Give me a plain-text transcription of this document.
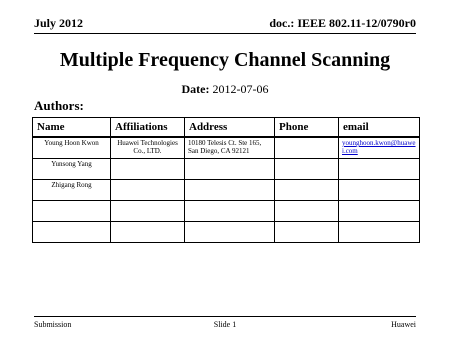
July 2012	doc.: IEEE 802.11-12/0790r0
Multiple Frequency Channel Scanning
Date: 2012-07-06
Authors:
Name	Affiliations	Address	Phone	email
Young Hoon Kwon	Huawei Technologies Co., LTD.	10180 Telesis Ct. Ste 165, San Diego, CA 92121		younghoon.kwon@huawei.com
Yunsong Yang				
Zhigang Rong				

Submission	Slide 1	Huawei
